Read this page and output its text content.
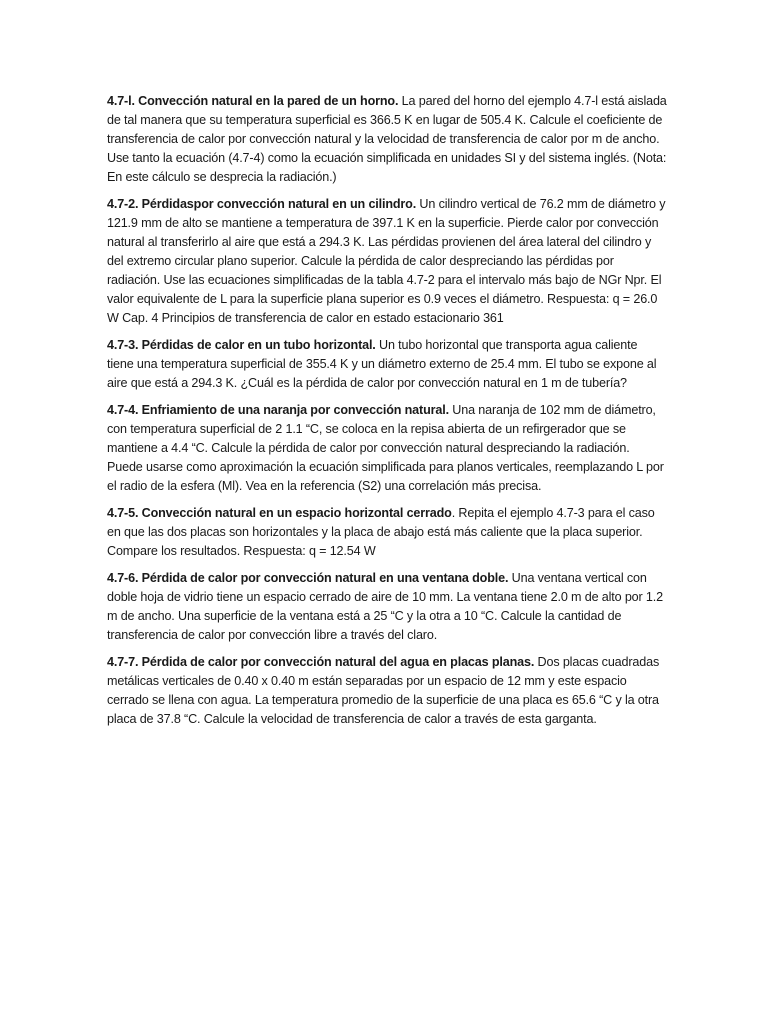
4.7-l. Convección natural en la pared de un horno. La pared del horno del ejemplo 4.7-l está aislada de tal manera que su temperatura superficial es 366.5 K en lugar de 505.4 K. Calcule el coeficiente de transferencia de calor por convección natural y la velocidad de transferencia de calor por m de ancho. Use tanto la ecuación (4.7-4) como la ecuación simplificada en unidades SI y del sistema inglés. (Nota: En este cálculo se desprecia la radiación.)

4.7-2. Pérdidaspor convección natural en un cilindro. Un cilindro vertical de 76.2 mm de diámetro y 121.9 mm de alto se mantiene a temperatura de 397.1 K en la superficie. Pierde calor por convección natural al transferirlo al aire que está a 294.3 K. Las pérdidas provienen del área lateral del cilindro y del extremo circular plano superior. Calcule la pérdida de calor despreciando las pérdidas por radiación. Use las ecuaciones simplificadas de la tabla 4.7-2 para el intervalo más bajo de NGr Npr. El valor equivalente de L para la superficie plana superior es 0.9 veces el diámetro. Respuesta: q = 26.0 W Cap. 4 Principios de transferencia de calor en estado estacionario 361

4.7-3. Pérdidas de calor en un tubo horizontal. Un tubo horizontal que transporta agua caliente tiene una temperatura superficial de 355.4 K y un diámetro externo de 25.4 mm. El tubo se expone al aire que está a 294.3 K. ¿Cuál es la pérdida de calor por convección natural en 1 m de tubería?

4.7-4. Enfriamiento de una naranja por convección natural. Una naranja de 102 mm de diámetro, con temperatura superficial de 2 1.1 “C, se coloca en la repisa abierta de un refirgerador que se mantiene a 4.4 “C. Calcule la pérdida de calor por convección natural despreciando la radiación. Puede usarse como aproximación la ecuación simplificada para planos verticales, reemplazando L por el radio de la esfera (Ml). Vea en la referencia (S2) una correlación más precisa.

4.7-5. Convección natural en un espacio horizontal cerrado. Repita el ejemplo 4.7-3 para el caso en que las dos placas son horizontales y la placa de abajo está más caliente que la placa superior. Compare los resultados. Respuesta: q = 12.54 W

4.7-6. Pérdida de calor por convección natural en una ventana doble. Una ventana vertical con doble hoja de vidrio tiene un espacio cerrado de aire de 10 mm. La ventana tiene 2.0 m de alto por 1.2 m de ancho. Una superficie de la ventana está a 25 “C y la otra a 10 “C. Calcule la cantidad de transferencia de calor por convección libre a través del claro.

4.7-7. Pérdida de calor por convección natural del agua en placas planas. Dos placas cuadradas metálicas verticales de 0.40 x 0.40 m están separadas por un espacio de 12 mm y este espacio cerrado se llena con agua. La temperatura promedio de la superficie de una placa es 65.6 “C y la otra placa de 37.8 “C. Calcule la velocidad de transferencia de calor a través de esta garganta.
